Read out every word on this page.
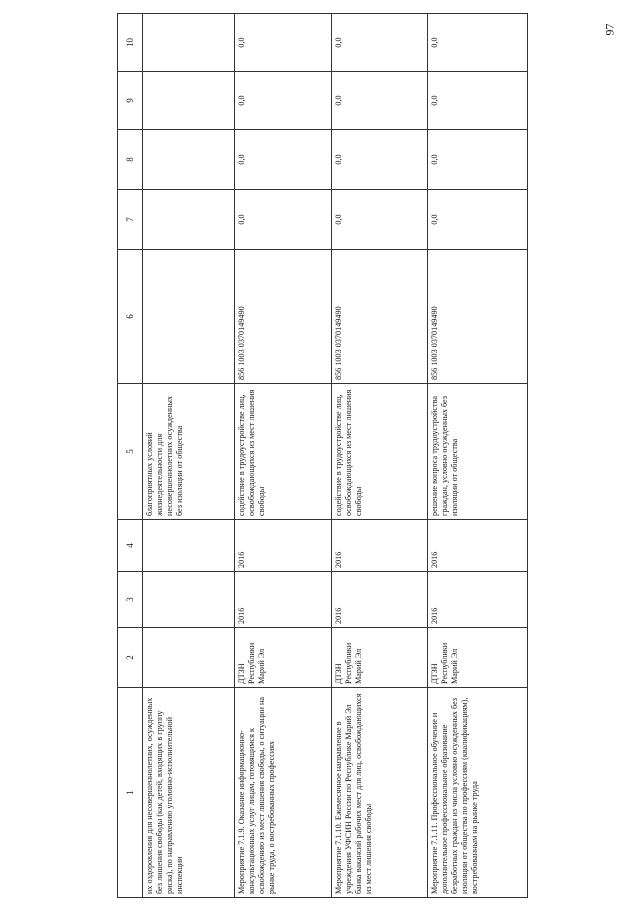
97
1	2	3	4	5	6	7	8	9	10
их оздоровления для несовершеннолетних, осужденных без лишения свободы (как детей, входящих в группу риска), по направлению уголовно-исполнительной инспекции				благоприятных условий жизнедеятельности для несовершеннолетних осужденных без изоляции от общества					
Мероприятие 7.1.9. Оказание информационно-консультационных услуг лицам, готовящимся к освобождению из мест лишения свободы, о ситуации на рынке труда, о востребованных профессиях	ДТЗН Республики Марий Эл	2016	2016	содействие в трудоустройстве лиц, освобождающихся из мест лишения свободы	856 1003 0370149490	0,0	0,0	0,0	0,0
Мероприятие 7.1.10. Ежемесячное направление в учреждения УФСИН России по Республике Марий Эл банка вакансий рабочих мест для лиц, освобождающихся из мест лишения свободы	ДТЗН Республики Марий Эл	2016	2016	содействие в трудоустройстве лиц, освобождающихся из мест лишения свободы	856 1003 0370149490	0,0	0,0	0,0	0,0
Мероприятие 7.1.11. Профессиональное обучение и дополнительное профессиональное образование безработных граждан из числа условно осужденных без изоляции от общества по профессиям (квалификациям), востребованным на рынке труда	ДТЗН Республики Марий Эл	2016	2016	решение вопроса трудоустройства граждан, условно осужденных без изоляции от общества	856 1003 0370149490	0,0	0,0	0,0	0,0
